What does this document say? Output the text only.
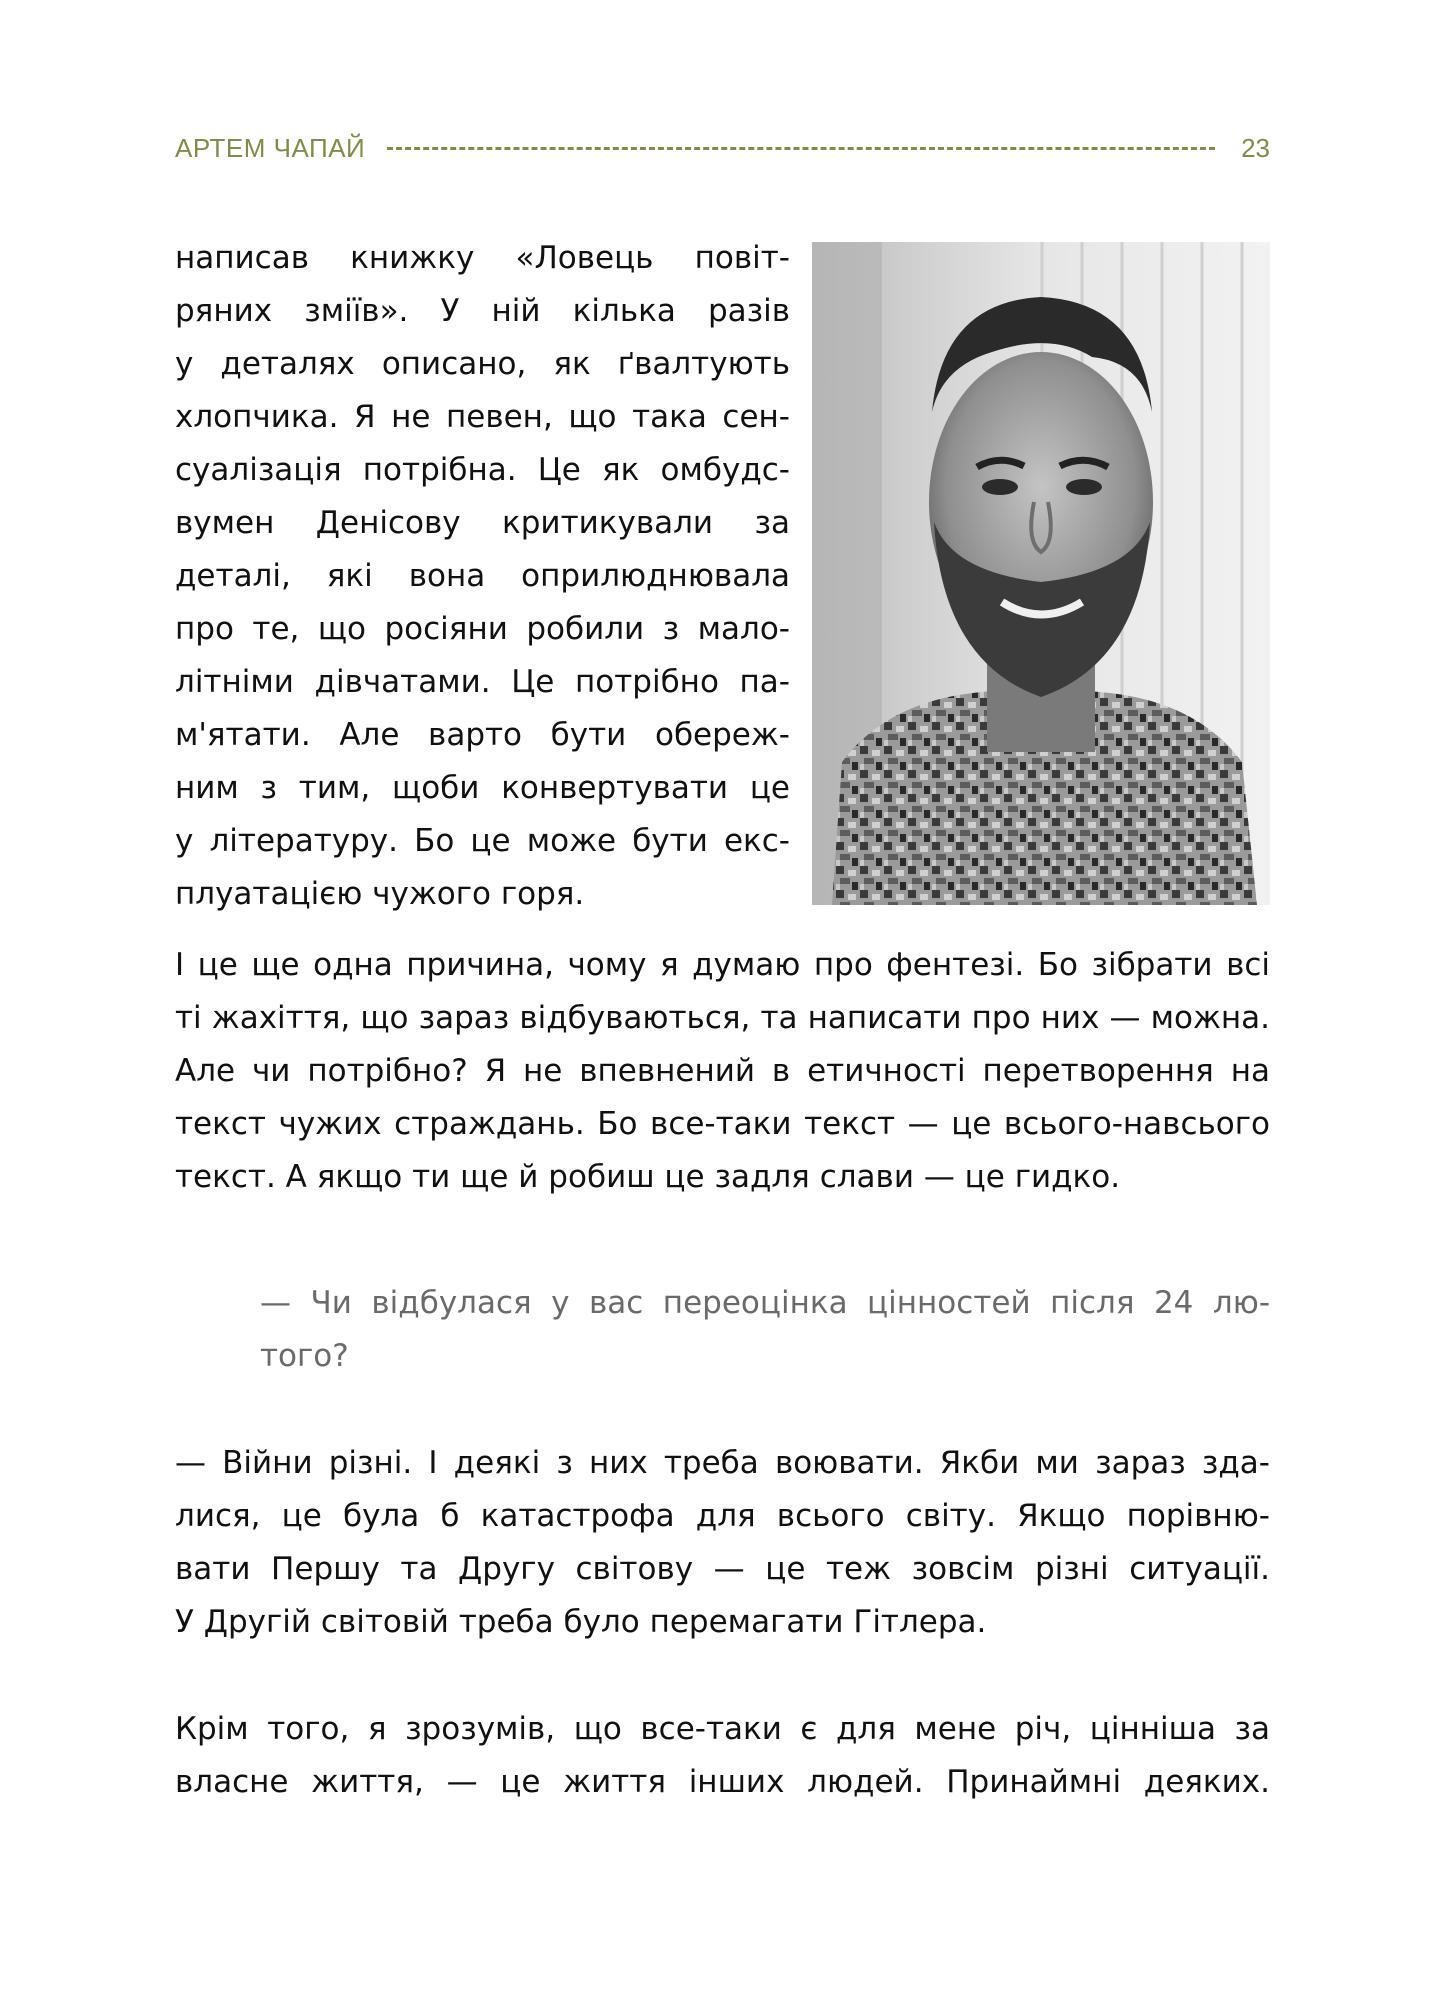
АРТЕМ ЧАПАЙ	23
написав книжку «Ловець повіт-
ряних зміїв». У ній кілька разів
у деталях описано, як ґвалтують
хлопчика. Я не певен, що така сен-
суалізація потрібна. Це як омбудс-
вумен Денісову критикували за
деталі, які вона оприлюднювала
про те, що росіяни робили з мало-
літніми дівчатами. Це потрібно па-
м'ятати. Але варто бути обереж-
ним з тим, щоби конвертувати це
у літературу. Бо це може бути екс-
плуатацією чужого горя.
І це ще одна причина, чому я думаю про фентезі. Бо зібрати всі
ті жахіття, що зараз відбуваються, та написати про них — можна.
Але чи потрібно? Я не впевнений в етичності перетворення на
текст чужих страждань. Бо все-таки текст — це всього-навсього
текст. А якщо ти ще й робиш це задля слави — це гидко.
— Чи відбулася у вас переоцінка цінностей після 24 лю-
того?
— Війни різні. І деякі з них треба воювати. Якби ми зараз зда-
лися, це була б катастрофа для всього світу. Якщо порівню-
вати Першу та Другу світову — це теж зовсім різні ситуації.
У Другій світовій треба було перемагати Гітлера.
Крім того, я зрозумів, що все-таки є для мене річ, цінніша за
власне життя, — це життя інших людей. Принаймні деяких.
